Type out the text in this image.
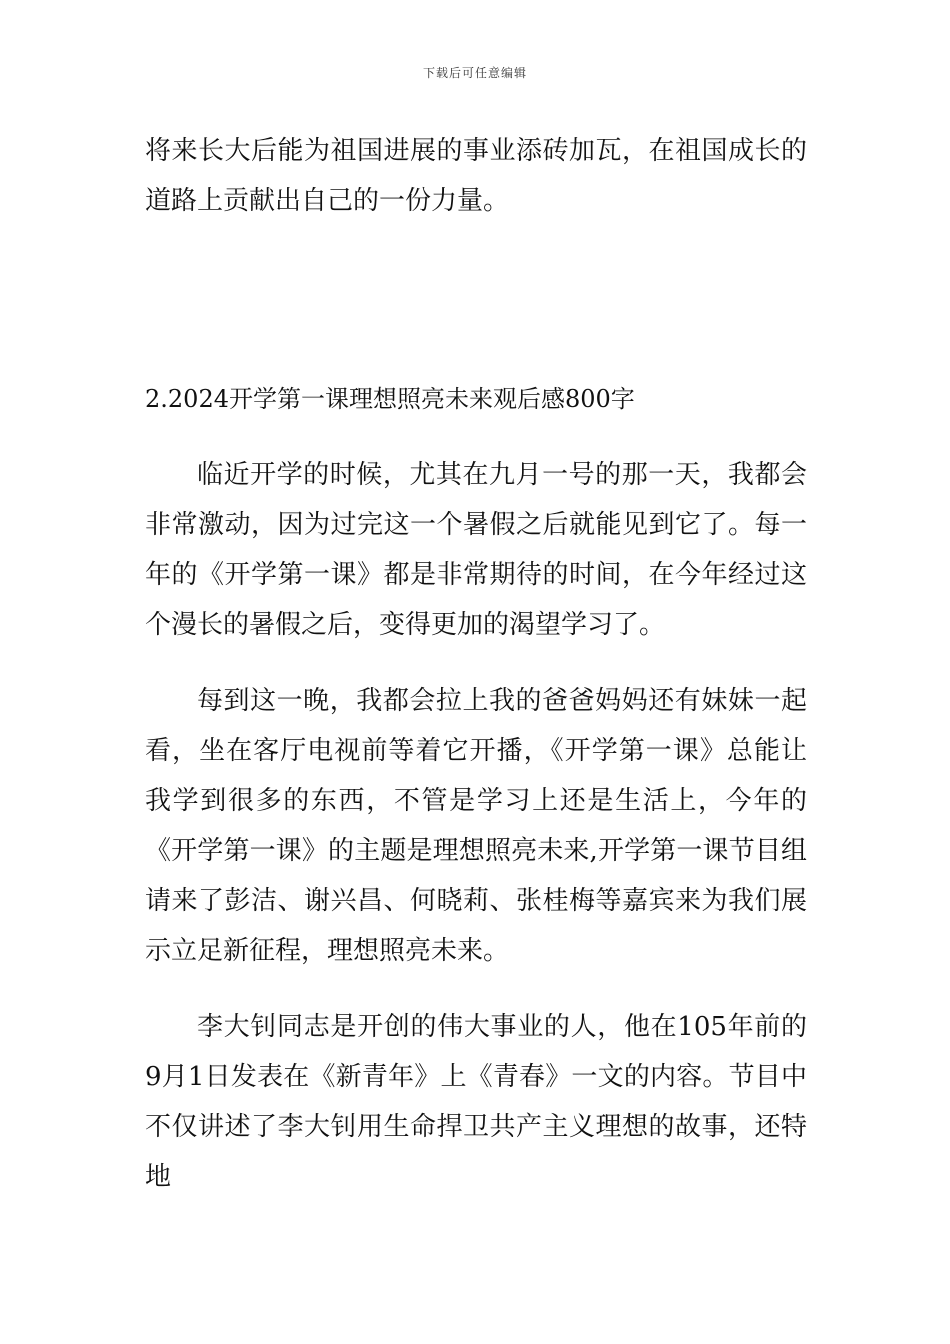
下载后可任意编辑

将来长大后能为祖国进展的事业添砖加瓦，在祖国成长的道路上贡献出自己的一份力量。

2.2024开学第一课理想照亮未来观后感800字

临近开学的时候，尤其在九月一号的那一天，我都会非常激动，因为过完这一个暑假之后就能见到它了。每一年的《开学第一课》都是非常期待的时间，在今年经过这个漫长的暑假之后，变得更加的渴望学习了。

每到这一晚，我都会拉上我的爸爸妈妈还有妹妹一起看，坐在客厅电视前等着它开播，《开学第一课》总能让我学到很多的东西，不管是学习上还是生活上，今年的《开学第一课》的主题是理想照亮未来,开学第一课节目组请来了彭洁、谢兴昌、何晓莉、张桂梅等嘉宾来为我们展示立足新征程，理想照亮未来。

李大钊同志是开创的伟大事业的人，他在105年前的9月1日发表在《新青年》上《青春》一文的内容。节目中不仅讲述了李大钊用生命捍卫共产主义理想的故事，还特地
